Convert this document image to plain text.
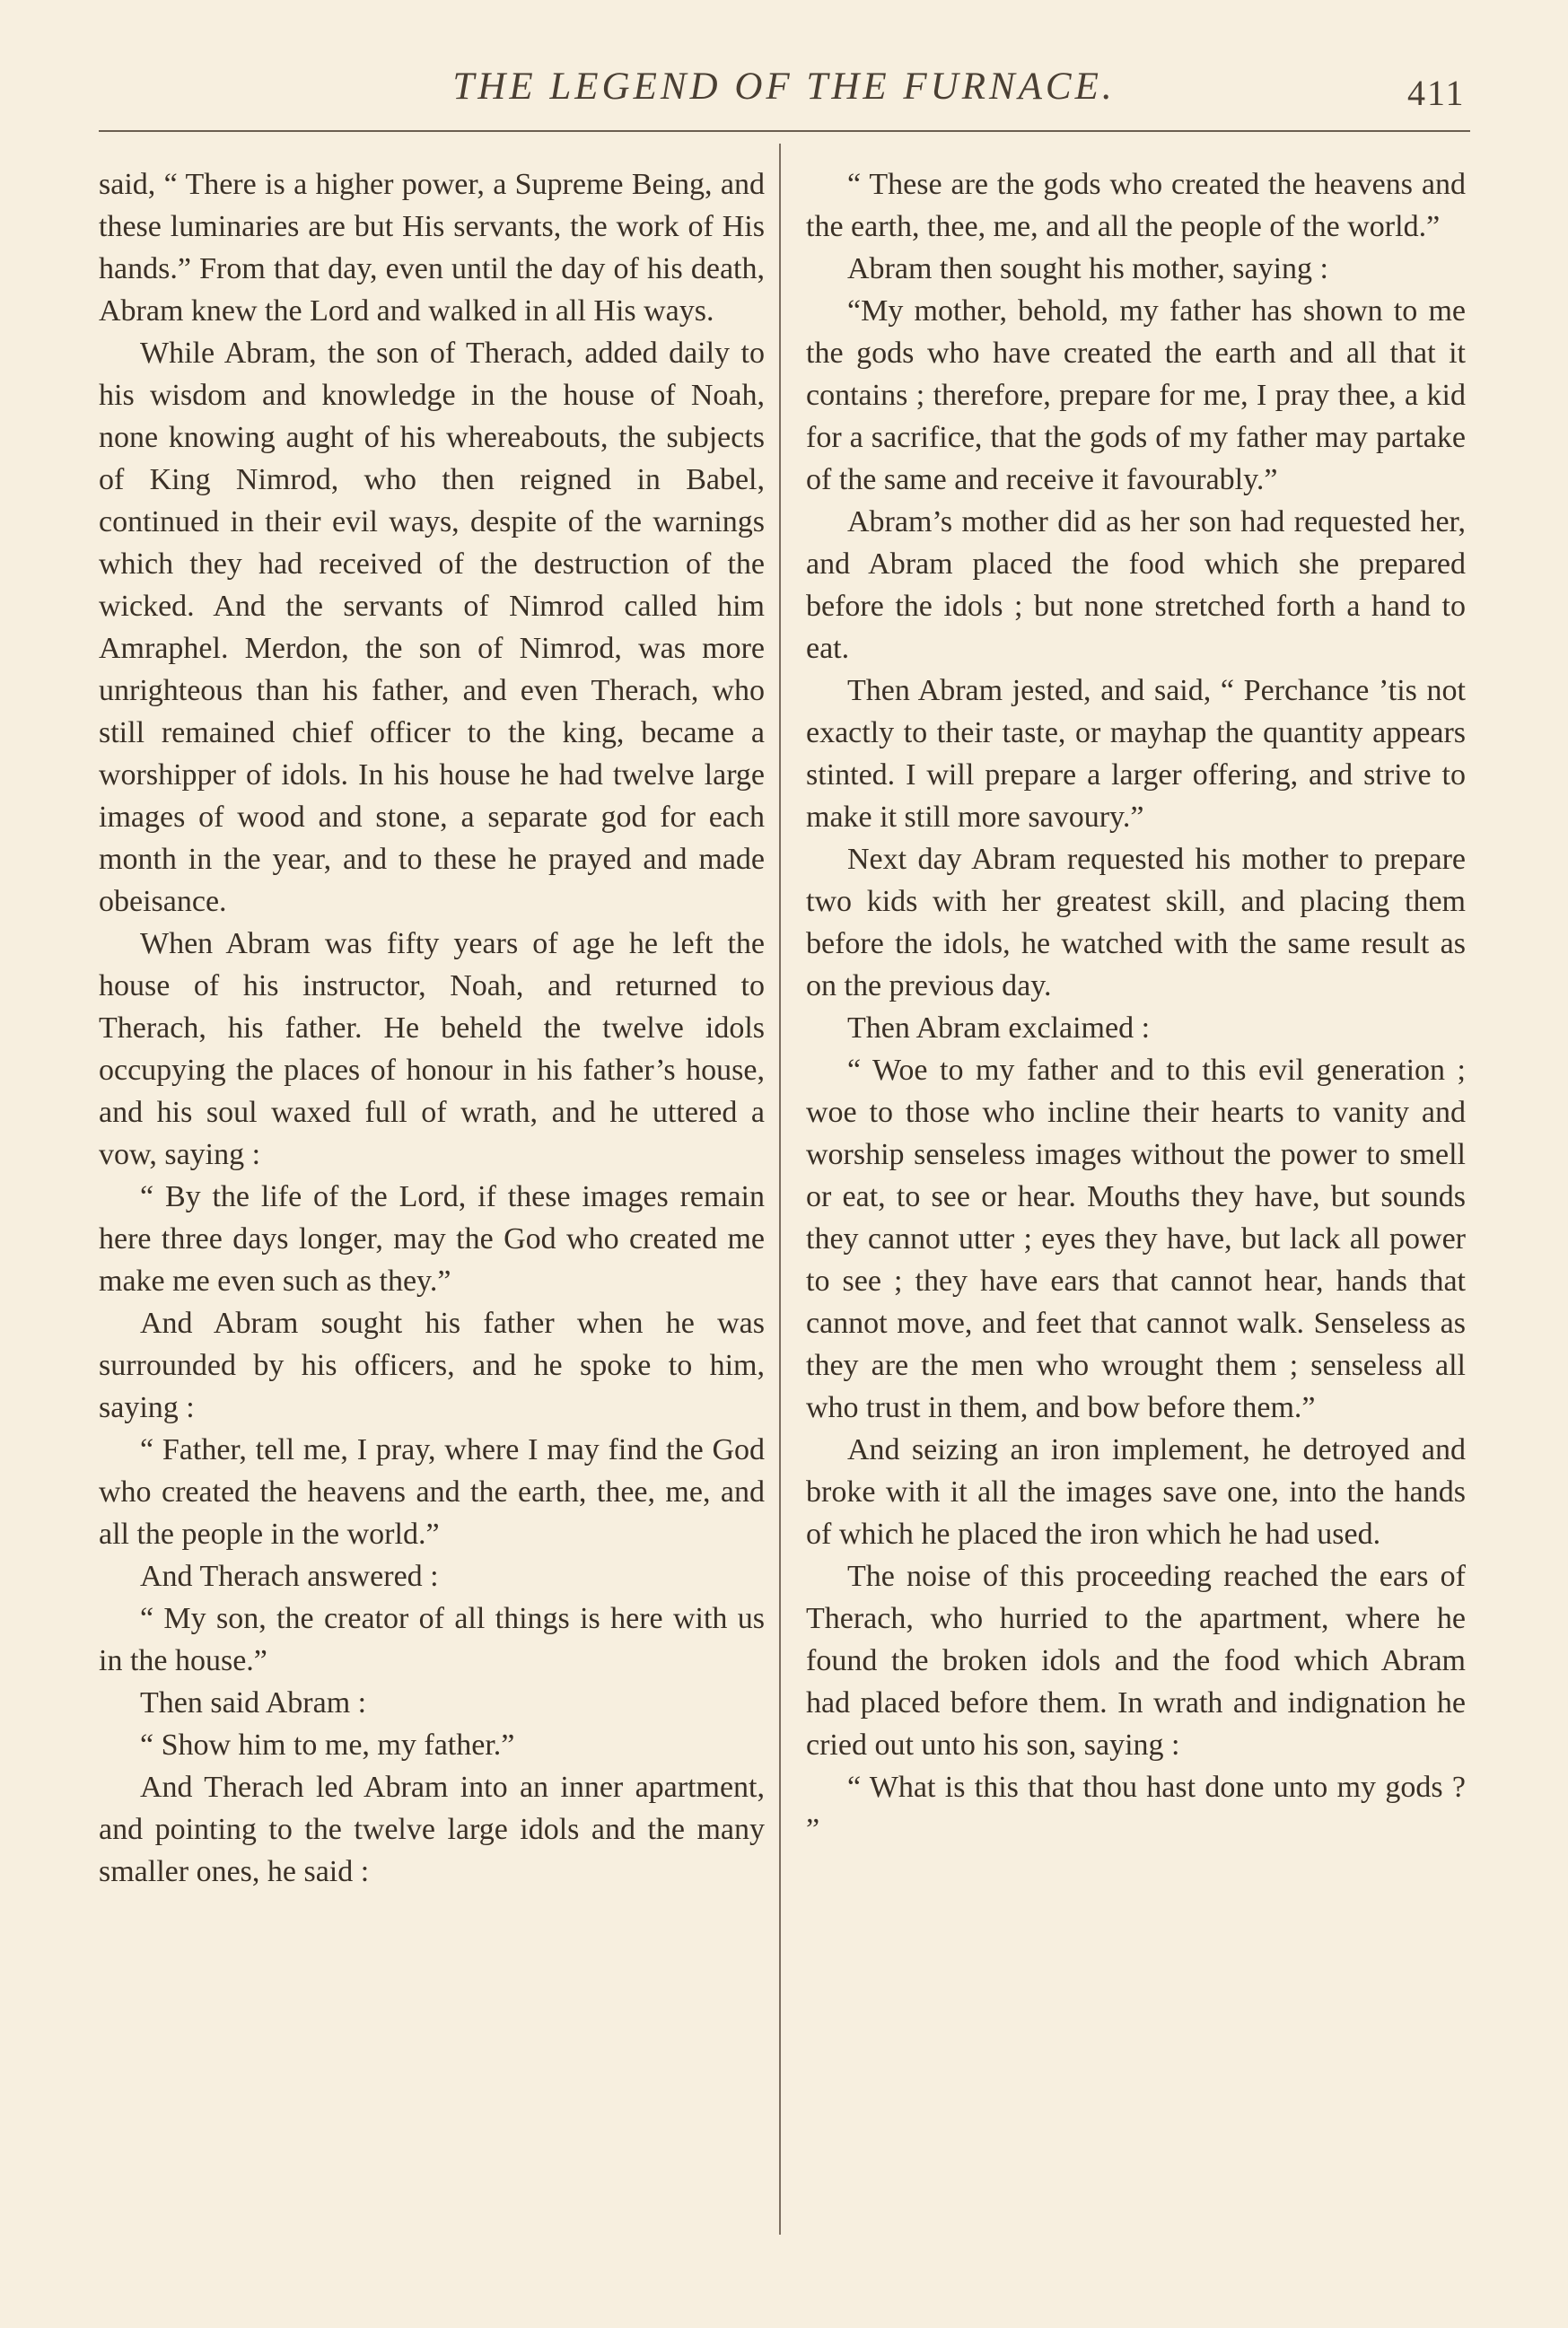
THE LEGEND OF THE FURNACE.	411

said, “ There is a higher power, a Supreme Being, and these luminaries are but His servants, the work of His hands.” From that day, even until the day of his death, Abram knew the Lord and walked in all His ways.

While Abram, the son of Therach, added daily to his wisdom and knowledge in the house of Noah, none knowing aught of his whereabouts, the subjects of King Nimrod, who then reigned in Babel, continued in their evil ways, despite of the warnings which they had received of the destruction of the wicked. And the servants of Nimrod called him Amraphel. Merdon, the son of Nimrod, was more unrighteous than his father, and even Therach, who still remained chief officer to the king, became a worshipper of idols. In his house he had twelve large images of wood and stone, a separate god for each month in the year, and to these he prayed and made obeisance.

When Abram was fifty years of age he left the house of his instructor, Noah, and returned to Therach, his father. He beheld the twelve idols occupying the places of honour in his father’s house, and his soul waxed full of wrath, and he uttered a vow, saying :

“ By the life of the Lord, if these images remain here three days longer, may the God who created me make me even such as they.”

And Abram sought his father when he was surrounded by his officers, and he spoke to him, saying :

“ Father, tell me, I pray, where I may find the God who created the heavens and the earth, thee, me, and all the people in the world.”

And Therach answered :

“ My son, the creator of all things is here with us in the house.”

Then said Abram :

“ Show him to me, my father.”

And Therach led Abram into an inner apartment, and pointing to the twelve large idols and the many smaller ones, he said :

“ These are the gods who created the heavens and the earth, thee, me, and all the people of the world.”

Abram then sought his mother, saying :

“My mother, behold, my father has shown to me the gods who have created the earth and all that it contains ; therefore, prepare for me, I pray thee, a kid for a sacrifice, that the gods of my father may partake of the same and receive it favourably.”

Abram’s mother did as her son had requested her, and Abram placed the food which she prepared before the idols ; but none stretched forth a hand to eat.

Then Abram jested, and said, “ Perchance ’tis not exactly to their taste, or mayhap the quantity appears stinted. I will prepare a larger offering, and strive to make it still more savoury.”

Next day Abram requested his mother to prepare two kids with her greatest skill, and placing them before the idols, he watched with the same result as on the previous day.

Then Abram exclaimed :

“ Woe to my father and to this evil generation ; woe to those who incline their hearts to vanity and worship senseless images without the power to smell or eat, to see or hear. Mouths they have, but sounds they cannot utter ; eyes they have, but lack all power to see ; they have ears that cannot hear, hands that cannot move, and feet that cannot walk. Senseless as they are the men who wrought them ; senseless all who trust in them, and bow before them.”

And seizing an iron implement, he detroyed and broke with it all the images save one, into the hands of which he placed the iron which he had used.

The noise of this proceeding reached the ears of Therach, who hurried to the apartment, where he found the broken idols and the food which Abram had placed before them. In wrath and indignation he cried out unto his son, saying :

“ What is this that thou hast done unto my gods ? ”
